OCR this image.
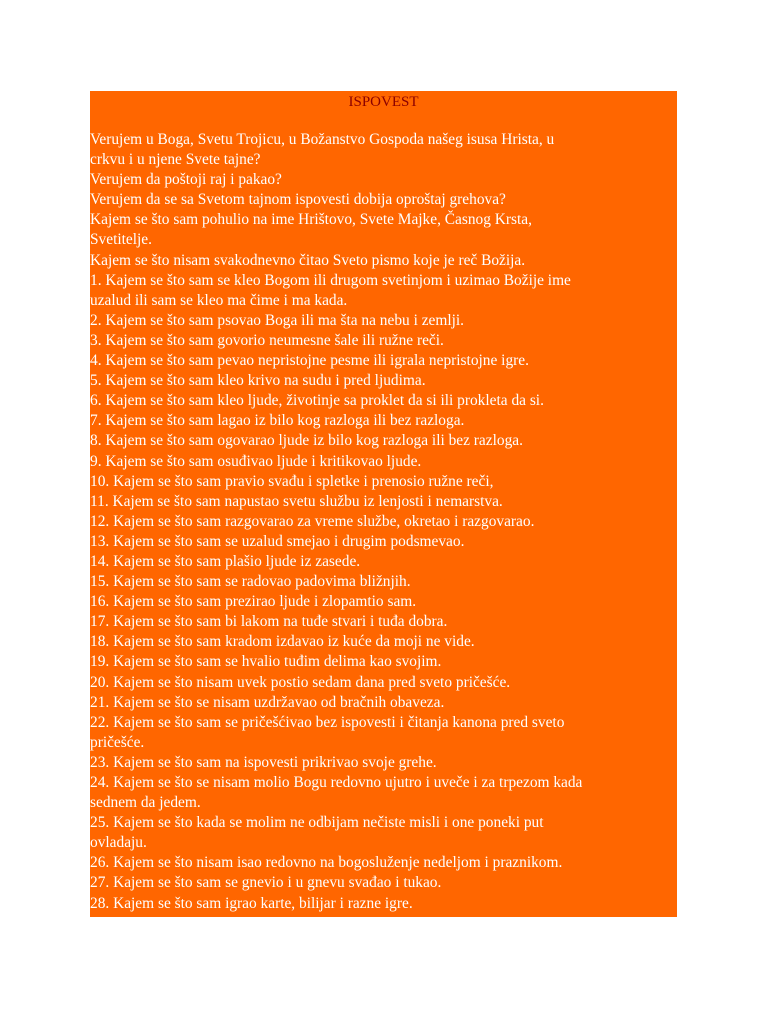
ISPOVEST
Verujem u Boga, Svetu Trojicu, u Božanstvo Gospoda našeg isusa Hrista, u
crkvu i u njene Svete tajne?
Verujem da poštoji raj i pakao?
Verujem da se sa Svetom tajnom ispovesti dobija oproštaj grehova?
Kajem se što sam pohulio na ime Hrištovo, Svete Majke, Časnog Krsta,
Svetitelje.
Kajem se što nisam svakodnevno čitao Sveto pismo koje je reč Božija.
1. Kajem se što sam se kleo Bogom ili drugom svetinjom i uzimao Božije ime
uzalud ili sam se kleo ma čime i ma kada.
2. Kajem se što sam psovao Boga ili ma šta na nebu i zemlji.
3. Kajem se što sam govorio neumesne šale ili ružne reči.
4. Kajem se što sam pevao nepristojne pesme ili igrala nepristojne igre.
5. Kajem se što sam kleo krivo na sudu i pred ljudima.
6. Kajem se što sam kleo ljude, životinje sa proklet da si ili prokleta da si.
7. Kajem se što sam lagao iz bilo kog razloga ili bez razloga.
8. Kajem se što sam ogovarao ljude iz bilo kog razloga ili bez razloga.
9. Kajem se što sam osuđivao ljude i kritikovao ljude.
10. Kajem se što sam pravio svađu i spletke i prenosio ružne reči,
11. Kajem se što sam napustao svetu službu iz lenjosti i nemarstva.
12. Kajem se što sam razgovarao za vreme službe, okretao i razgovarao.
13. Kajem se što sam se uzalud smejao i drugim podsmevao.
14. Kajem se što sam plašio ljude iz zasede.
15. Kajem se što sam se radovao padovima bližnjih.
16. Kajem se što sam prezirao ljude i zlopamtio sam.
17. Kajem se što sam bi lakom na tuđe stvari i tuđa dobra.
18. Kajem se što sam kradom izdavao iz kuće da moji ne vide.
19. Kajem se što sam se hvalio tuđim delima kao svojim.
20. Kajem se što nisam uvek postio sedam dana pred sveto pričešće.
21. Kajem se što se nisam uzdržavao od bračnih obaveza.
22. Kajem se što sam se pričešćivao bez ispovesti i čitanja kanona pred sveto
pričešće.
23. Kajem se što sam na ispovesti prikrivao svoje grehe.
24. Kajem se što se nisam molio Bogu redovno ujutro i uveče i za trpezom kada
sednem da jedem.
25. Kajem se što kada se molim ne odbijam nečiste misli i one poneki put
ovladaju.
26. Kajem se što nisam isao redovno na bogosluženje nedeljom i praznikom.
27. Kajem se što sam se gnevio i u gnevu svađao i tukao.
28. Kajem se što sam igrao karte, bilijar i razne igre.
